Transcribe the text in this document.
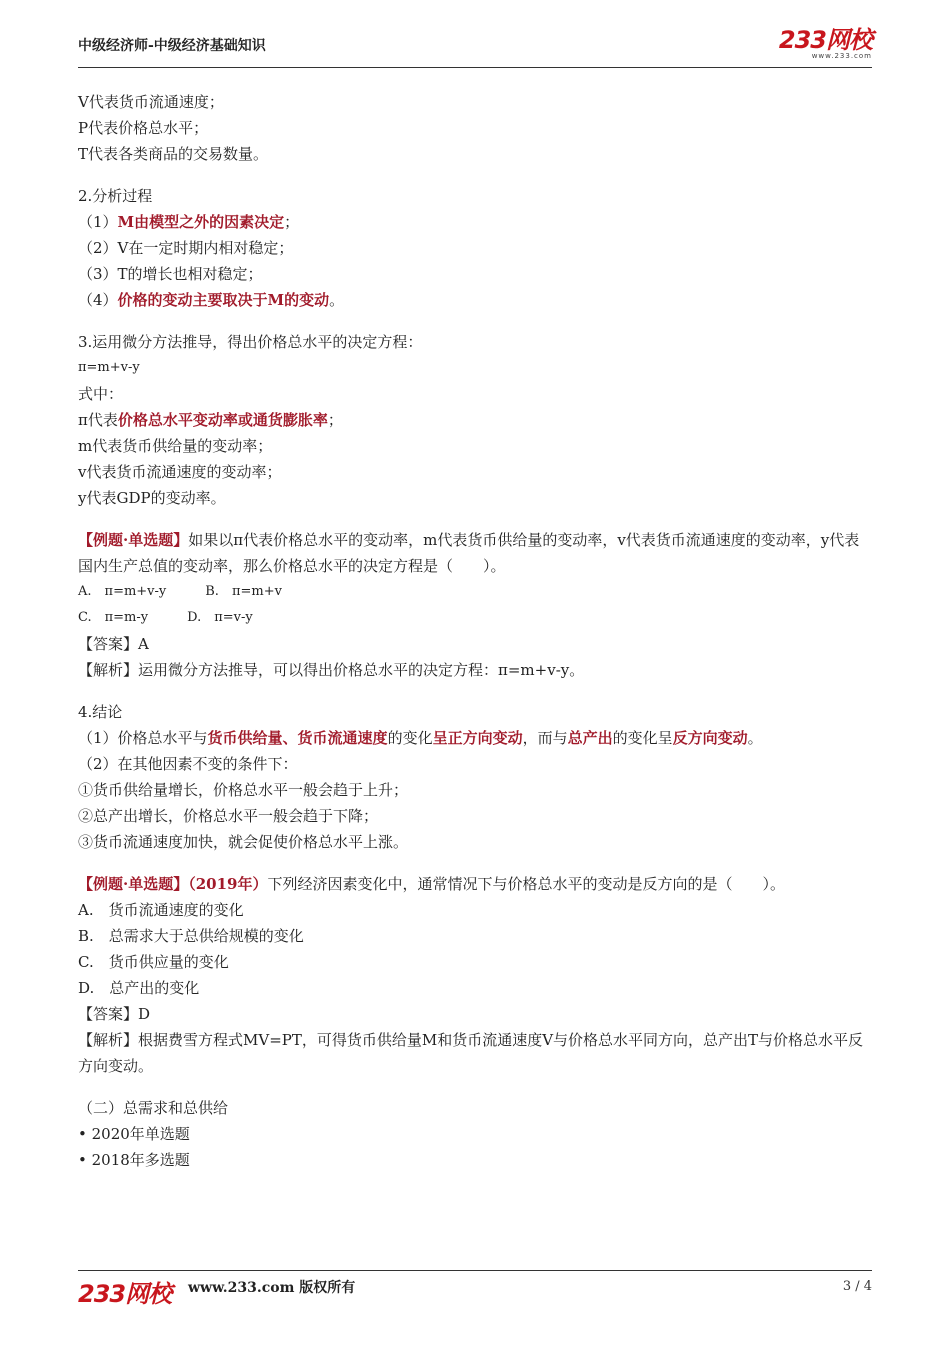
中级经济师-中级经济基础知识	233网校
www.233.com
V代表货币流通速度；
P代表价格总水平；
T代表各类商品的交易数量。
2.分析过程
（1）M由模型之外的因素决定；
（2）V在一定时期内相对稳定；
（3）T的增长也相对稳定；
（4）价格的变动主要取决于M的变动。
3.运用微分方法推导，得出价格总水平的决定方程：
π=m+v-y
式中：
π代表价格总水平变动率或通货膨胀率；
m代表货币供给量的变动率；
v代表货币流通速度的变动率；
y代表GDP的变动率。
【例题·单选题】如果以π代表价格总水平的变动率，m代表货币供给量的变动率，v代表货币流通速度的变动率，y代表国内生产总值的变动率，那么价格总水平的决定方程是（　　）。
A.　π=m+v-y　　　B.　π=m+v
C.　π=m-y　　　D.　π=v-y
【答案】A
【解析】运用微分方法推导，可以得出价格总水平的决定方程：π=m+v-y。
4.结论
（1）价格总水平与货币供给量、货币流通速度的变化呈正方向变动，而与总产出的变化呈反方向变动。
（2）在其他因素不变的条件下：
①货币供给量增长，价格总水平一般会趋于上升；
②总产出增长，价格总水平一般会趋于下降；
③货币流通速度加快，就会促使价格总水平上涨。
【例题·单选题】（2019年）下列经济因素变化中，通常情况下与价格总水平的变动是反方向的是（　　）。
A.　货币流通速度的变化
B.　总需求大于总供给规模的变化
C.　货币供应量的变化
D.　总产出的变化
【答案】D
【解析】根据费雪方程式MV=PT，可得货币供给量M和货币流通速度V与价格总水平同方向，总产出T与价格总水平反方向变动。
（二）总需求和总供给
• 2020年单选题
• 2018年多选题
233网校 www.233.com 版权所有	3 / 4
